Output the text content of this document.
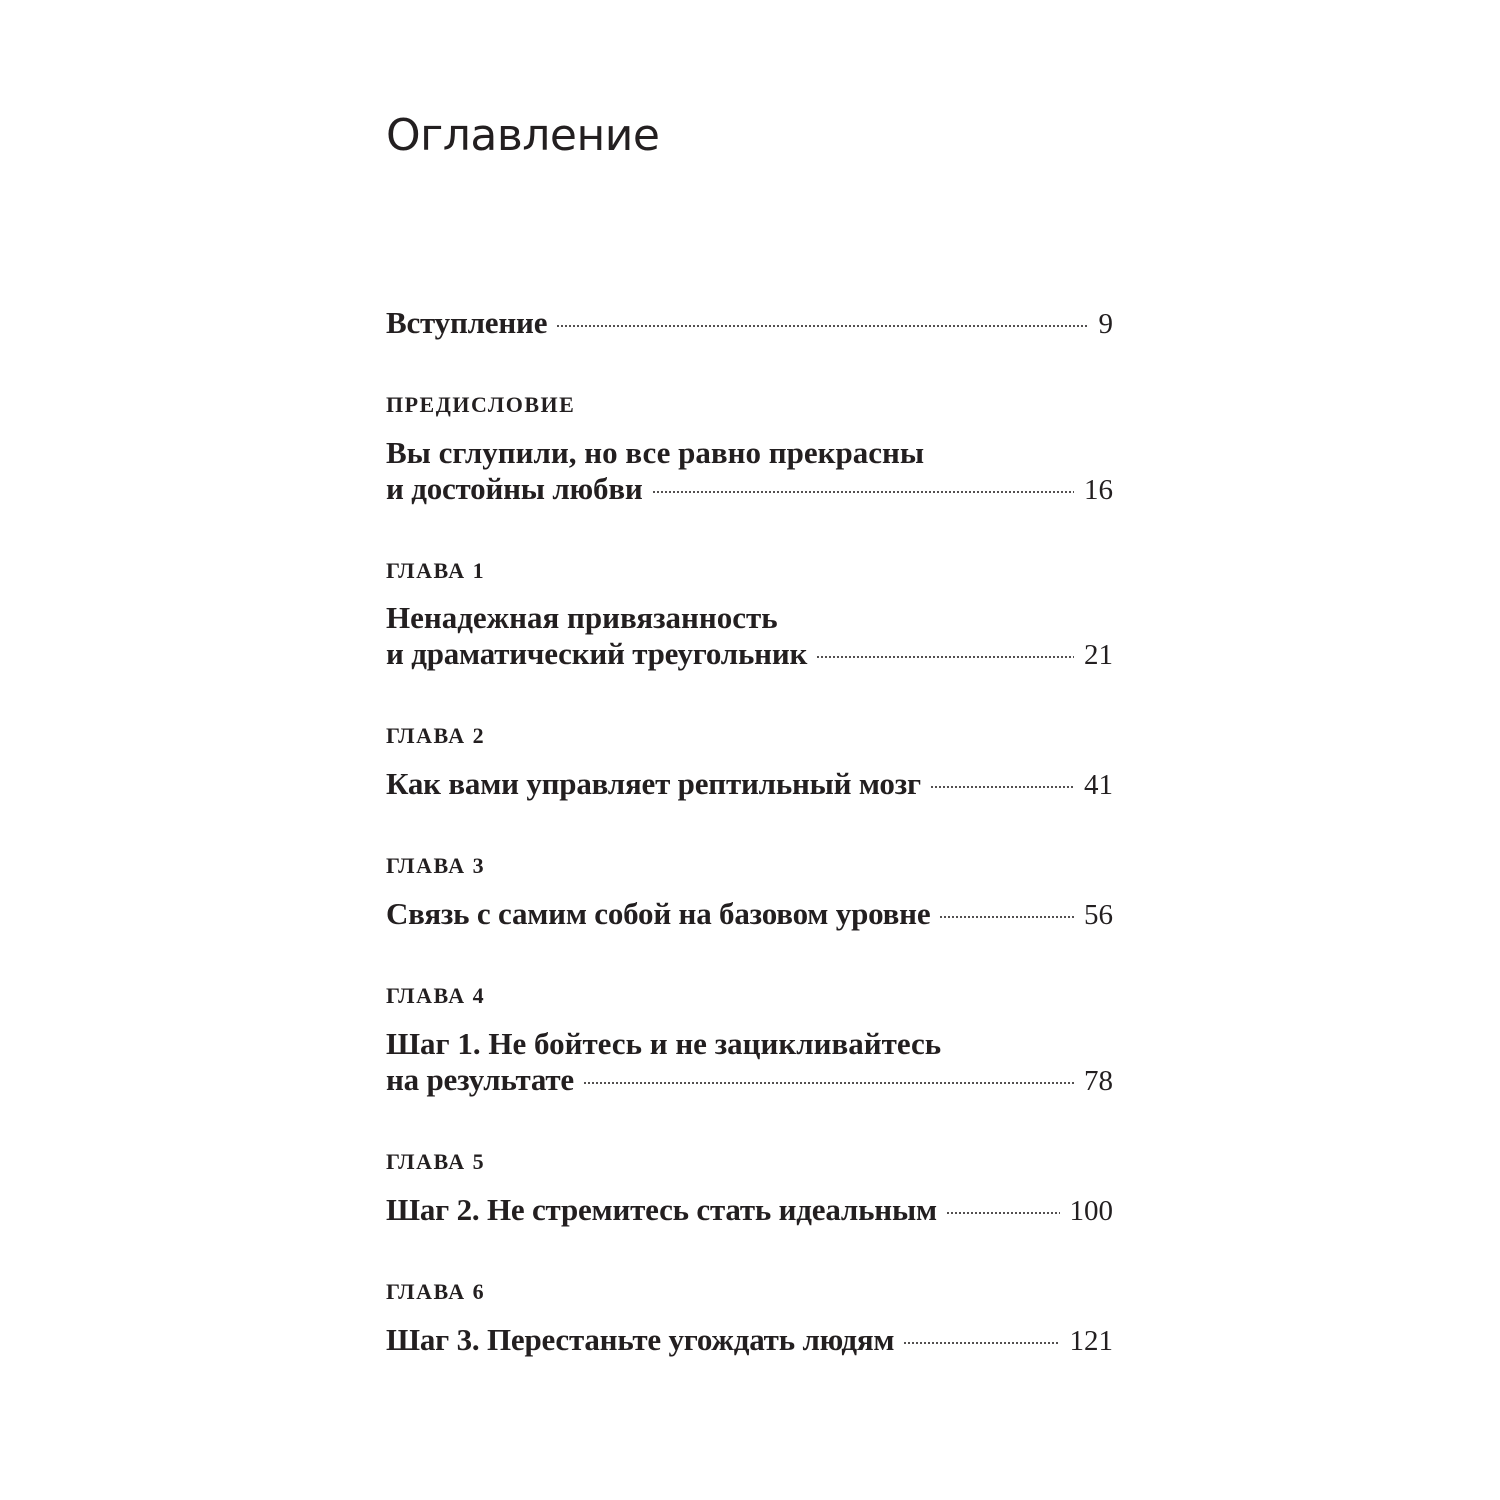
Оглавление
Вступление	9
ПРЕДИСЛОВИЕ
Вы сглупили, но все равно прекрасны
и достойны любви	16
ГЛАВА 1
Ненадежная привязанность
и драматический треугольник	21
ГЛАВА 2
Как вами управляет рептильный мозг	41
ГЛАВА 3
Связь с самим собой на базовом уровне	56
ГЛАВА 4
Шаг 1. Не бойтесь и не зацикливайтесь
на результате	78
ГЛАВА 5
Шаг 2. Не стремитесь стать идеальным	100
ГЛАВА 6
Шаг 3. Перестаньте угождать людям	121
